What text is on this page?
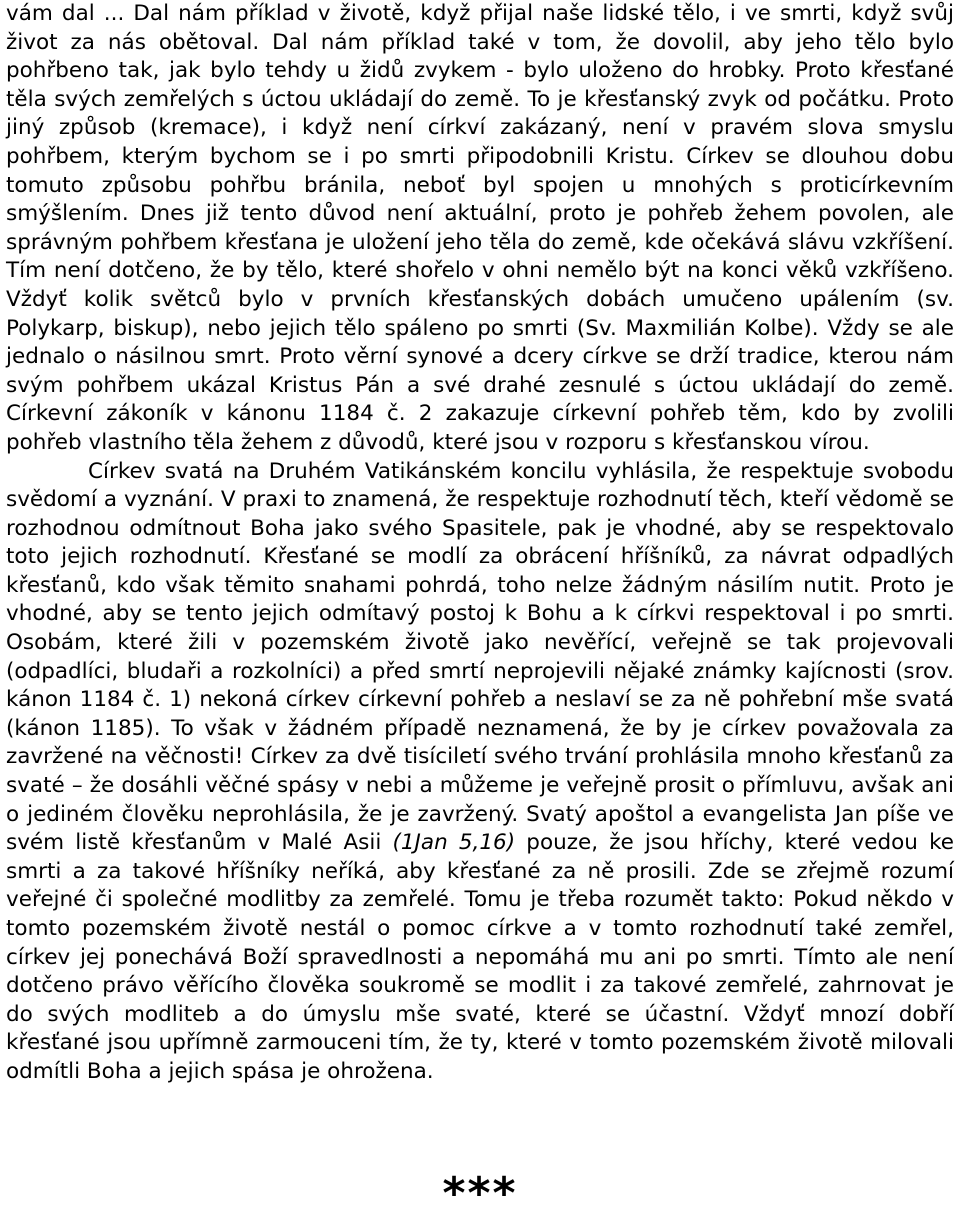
vám dal ... Dal nám příklad v životě, když přijal naše lidské tělo, i ve smrti, když svůj život za nás obětoval. Dal nám příklad také v tom, že dovolil, aby jeho tělo bylo pohřbeno tak, jak bylo tehdy u židů zvykem - bylo uloženo do hrobky. Proto křesťané těla svých zemřelých s úctou ukládají do země. To je křesťanský zvyk od počátku. Proto jiný způsob (kremace), i když není církví zakázaný, není v pravém slova smyslu pohřbem, kterým bychom se i po smrti připodobnili Kristu. Církev se dlouhou dobu tomuto způsobu pohřbu bránila, neboť byl spojen u mnohých s proticírkevním smýšlením. Dnes již tento důvod není aktuální, proto je pohřeb žehem povolen, ale správným pohřbem křesťana je uložení jeho těla do země, kde očekává slávu vzkříšení. Tím není dotčeno, že by tělo, které shořelo v ohni nemělo být na konci věků vzkříšeno. Vždyť kolik světců bylo v prvních křesťanských dobách umučeno upálením (sv. Polykarp, biskup), nebo jejich tělo spáleno po smrti (Sv. Maxmilián Kolbe). Vždy se ale jednalo o násilnou smrt. Proto věrní synové a dcery církve se drží tradice, kterou nám svým pohřbem ukázal Kristus Pán a své drahé zesnulé s úctou ukládají do země. Církevní zákoník v kánonu 1184 č. 2 zakazuje církevní pohřeb těm, kdo by zvolili pohřeb vlastního těla žehem z důvodů, které jsou v rozporu s křesťanskou vírou.

Církev svatá na Druhém Vatikánském koncilu vyhlásila, že respektuje svobodu svědomí a vyznání. V praxi to znamená, že respektuje rozhodnutí těch, kteří vědomě se rozhodnou odmítnout Boha jako svého Spasitele, pak je vhodné, aby se respektovalo toto jejich rozhodnutí. Křesťané se modlí za obrácení hříšníků, za návrat odpadlých křesťanů, kdo však těmito snahami pohrdá, toho nelze žádným násilím nutit. Proto je vhodné, aby se tento jejich odmítavý postoj k Bohu a k církvi respektoval i po smrti. Osobám, které žili v pozemském životě jako nevěřící, veřejně se tak projevovali (odpadlíci, bludaři a rozkolníci) a před smrtí neprojevili nějaké známky kajícnosti (srov. kánon 1184 č. 1) nekoná církev církevní pohřeb a neslaví se za ně pohřební mše svatá (kánon 1185). To však v žádném případě neznamená, že by je církev považovala za zavržené na věčnosti! Církev za dvě tisíciletí svého trvání prohlásila mnoho křesťanů za svaté – že dosáhli věčné spásy v nebi a můžeme je veřejně prosit o přímluvu, avšak ani o jediném člověku neprohlásila, že je zavržený. Svatý apoštol a evangelista Jan píše ve svém listě křesťanům v Malé Asii (1Jan 5,16) pouze, že jsou hříchy, které vedou ke smrti a za takové hříšníky neříká, aby křesťané za ně prosili. Zde se zřejmě rozumí veřejné či společné modlitby za zemřelé. Tomu je třeba rozumět takto: Pokud někdo v tomto pozemském životě nestál o pomoc církve a v tomto rozhodnutí také zemřel, církev jej ponechává Boží spravedlnosti a nepomáhá mu ani po smrti. Tímto ale není dotčeno právo věřícího člověka soukromě se modlit i za takové zemřelé, zahrnovat je do svých modliteb a do úmyslu mše svaté, které se účastní. Vždyť mnozí dobří křesťané jsou upřímně zarmouceni tím, že ty, které v tomto pozemském životě milovali odmítli Boha a jejich spása je ohrožena.

***
